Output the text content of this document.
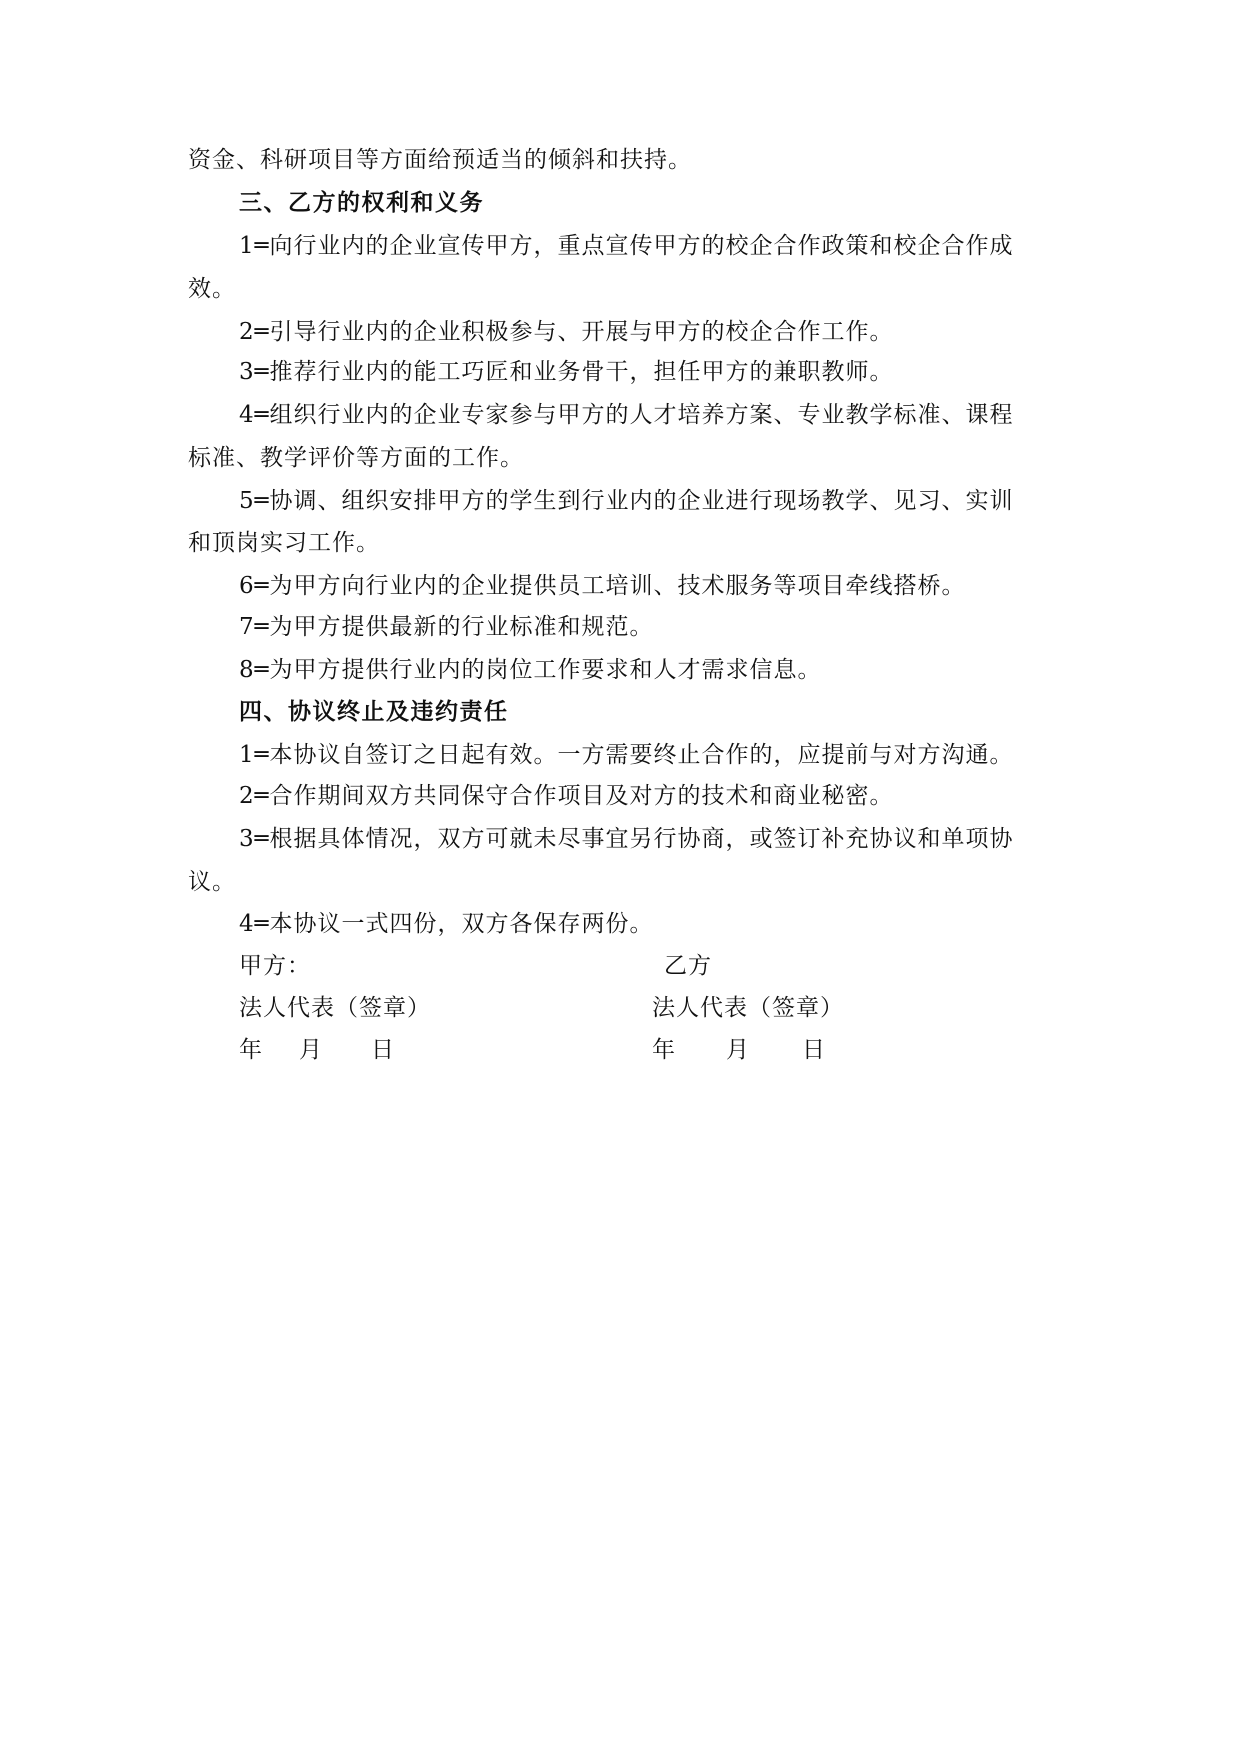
资金、科研项目等方面给预适当的倾斜和扶持。
三、乙方的权利和义务
1═向行业内的企业宣传甲方，重点宣传甲方的校企合作政策和校企合作成
效。
2═引导行业内的企业积极参与、开展与甲方的校企合作工作。
3═推荐行业内的能工巧匠和业务骨干，担任甲方的兼职教师。
4═组织行业内的企业专家参与甲方的人才培养方案、专业教学标准、课程
标准、教学评价等方面的工作。
5═协调、组织安排甲方的学生到行业内的企业进行现场教学、见习、实训
和顶岗实习工作。
6═为甲方向行业内的企业提供员工培训、技术服务等项目牵线搭桥。
7═为甲方提供最新的行业标准和规范。
8═为甲方提供行业内的岗位工作要求和人才需求信息。
四、协议终止及违约责任
1═本协议自签订之日起有效。一方需要终止合作的，应提前与对方沟通。
2═合作期间双方共同保守合作项目及对方的技术和商业秘密。
3═根据具体情况，双方可就未尽事宜另行协商，或签订补充协议和单项协
议。
4═本协议一式四份，双方各保存两份。
甲方：	乙方
法人代表（签章）	法人代表（签章）
年 月 日	年 月 日
